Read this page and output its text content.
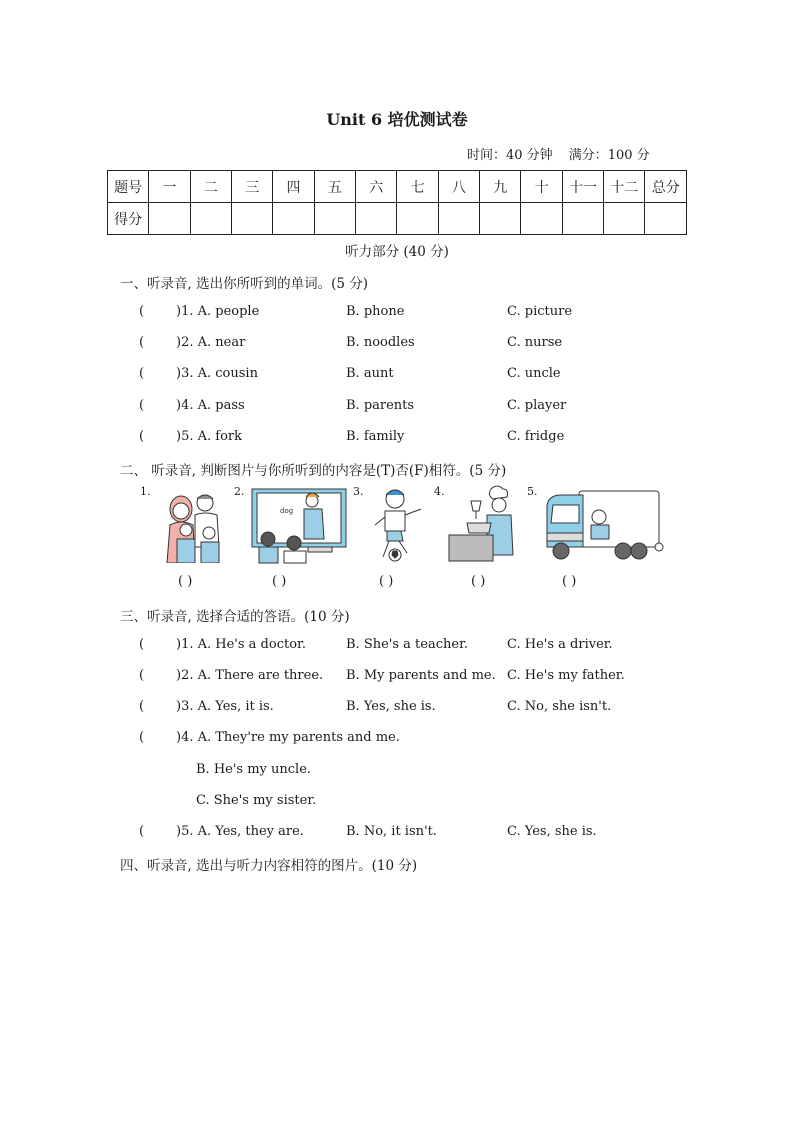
Unit 6 培优测试卷
时间：40 分钟 满分：100 分
题号	一	二	三	四	五	六	七	八	九	十	十一	十二	总分
得分													
听力部分 (40 分)
一、听录音, 选出你所听到的单词。(5 分)
( )1. A. people	B. phone	C. picture
( )2. A. near	B. noodles	C. nurse
( )3. A. cousin	B. aunt	C. uncle
( )4. A. pass	B. parents	C. player
( )5. A. fork	B. family	C. fridge
二、 听录音, 判断图片与你所听到的内容是(T)否(F)相符。(5 分)
1.	2.	3.	4.	5.
dog
( )	( )	( )	( )	( )
三、听录音, 选择合适的答语。(10 分)
( )1. A. He's a doctor.	B. She's a teacher.	C. He's a driver.
( )2. A. There are three. B. My parents and me. C. He's my father.
( )3. A. Yes, it is.	B. Yes, she is.	C. No, she isn't.
( )4. A. They're my parents and me.
B. He's my uncle.
C. She's my sister.
( )5. A. Yes, they are.	B. No, it isn't.	C. Yes, she is.
四、听录音, 选出与听力内容相符的图片。(10 分)
